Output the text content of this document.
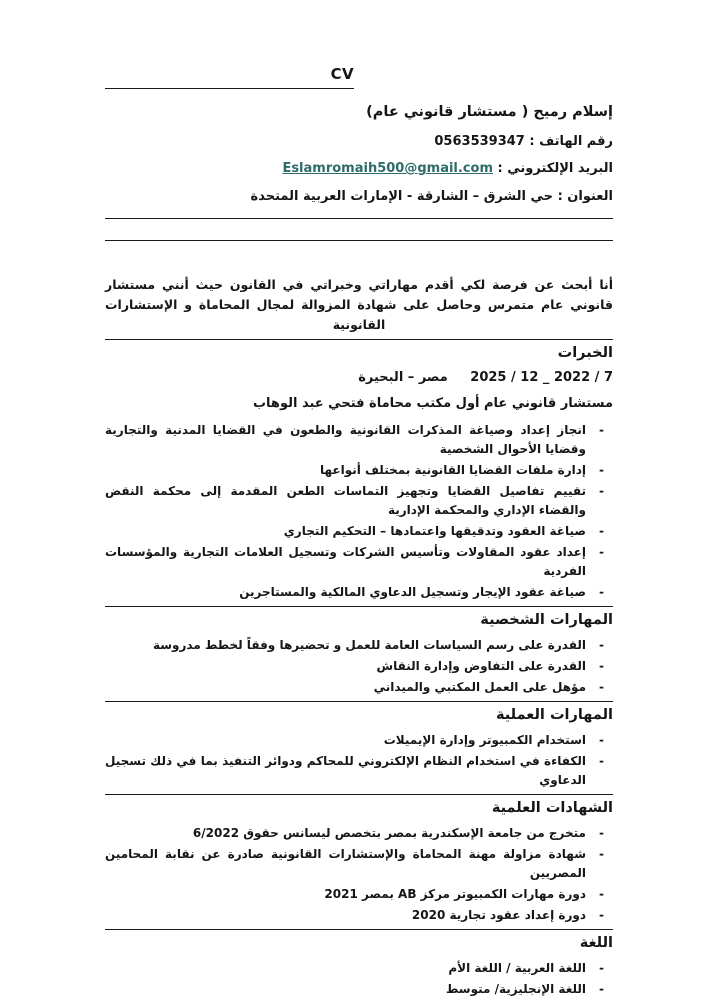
CV
إسلام رميح ( مستشار قانوني عام)
رقم الهاتف : 0563539347
البريد الإلكتروني : Eslamromaih500@gmail.com
العنوان : حي الشرق – الشارقة - الإمارات العربية المتحدة

أنا أبحث عن فرصة لكي أقدم مهاراتي وخبراتي في القانون حيث أنني مستشار قانوني عام متمرس وحاصل على شهادة المزوالة لمجال المحاماة و الإستشارات القانونية

الخبرات
7 / 2022 _ 12 / 2025 مصر – البحيرة
مستشار قانوني عام أول مكتب محاماة فتحي عبد الوهاب
-
انجاز إعداد وصياغة المذكرات القانونية والطعون في القضايا المدنية والتجارية وقضايا الأحوال الشخصية
-
إدارة ملفات القضايا القانونية بمختلف أنواعها
-
تقييم تفاصيل القضايا وتجهيز التماسات الطعن المقدمة إلى محكمة النقض والقضاء الإداري والمحكمة الإدارية
-
صياغة العقود وتدقيقها واعتمادها – التحكيم التجاري
-
إعداد عقود المقاولات وتأسيس الشركات وتسجيل العلامات التجارية والمؤسسات الفردية
-
صياغة عقود الإيجار وتسجيل الدعاوي المالكية والمستاجرين
المهارات الشخصية
-
القدرة على رسم السياسات العامة للعمل و تحضيرها وفقاً لخطط مدروسة
-
القدرة على التفاوض وإدارة النقاش
-
مؤهل على العمل المكتبي والميداني
المهارات العملية
-
استخدام الكمبيوتر وإدارة الإيميلات
-
الكفاءة في استخدام النظام الإلكتروني للمحاكم ودوائر التنفيذ بما في ذلك تسجيل الدعاوي
الشهادات العلمية
-
متخرج من جامعة الإسكندرية بمصر بتخصص ليسانس حقوق 6/2022
-
شهادة مزاولة مهنة المحاماة والإستشارات القانونية صادرة عن نقابة المحامين المصريين
-
دورة مهارات الكمبيوتر مركز AB بمصر 2021
-
دورة إعداد عقود تجارية 2020
اللغة
-
اللغة العربية / اللغة الأم
-
اللغة الإنجليزية/ متوسط
